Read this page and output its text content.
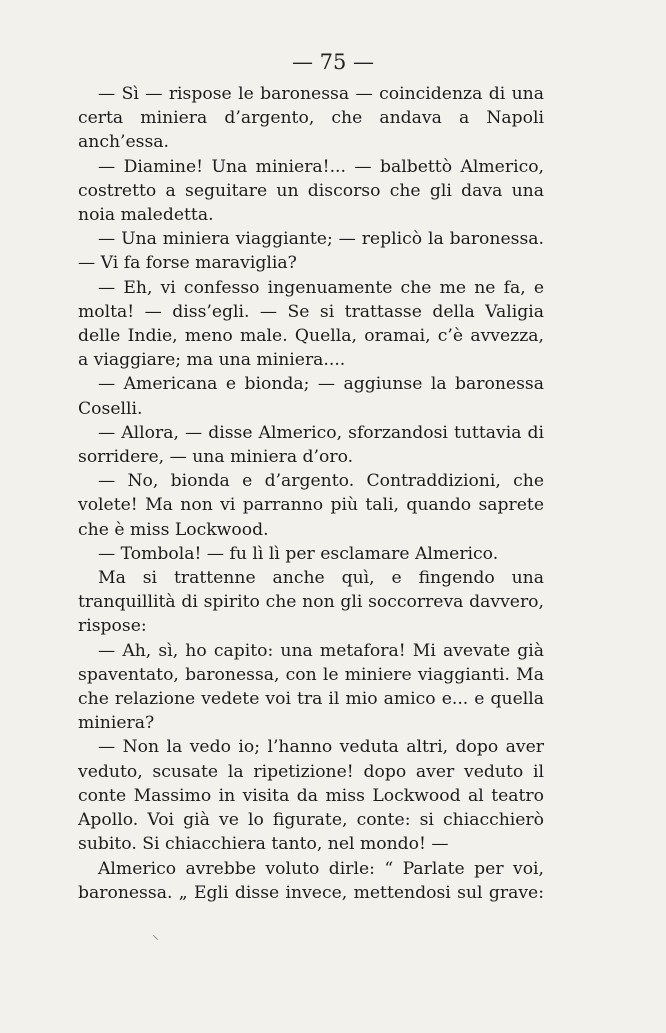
— 75 —

— Sì — rispose le baronessa — coincidenza di una certa miniera d’argento, che andava a Napoli anch’essa.

— Diamine! Una miniera!... — balbettò Almerico, costretto a seguitare un discorso che gli dava una noia maledetta.

— Una miniera viaggiante; — replicò la baronessa. — Vi fa forse maraviglia?

— Eh, vi confesso ingenuamente che me ne fa, e molta! — diss’egli. — Se si trattasse della Valigia delle Indie, meno male. Quella, oramai, c’è avvezza, a viaggiare; ma una miniera....

— Americana e bionda; — aggiunse la baronessa Coselli.

— Allora, — disse Almerico, sforzandosi tuttavia di sorridere, — una miniera d’oro.

— No, bionda e d’argento. Contraddizioni, che volete! Ma non vi parranno più tali, quando saprete che è miss Lockwood.

— Tombola! — fu lì lì per esclamare Almerico.

Ma si trattenne anche quì, e fingendo una tranquillità di spirito che non gli soccorreva davvero, rispose:

— Ah, sì, ho capito: una metafora! Mi avevate già spaventato, baronessa, con le miniere viaggianti. Ma che relazione vedete voi tra il mio amico e... e quella miniera?

— Non la vedo io; l’hanno veduta altri, dopo aver veduto, scusate la ripetizione! dopo aver veduto il conte Massimo in visita da miss Lockwood al teatro Apollo. Voi già ve lo figurate, conte: si chiacchierò subito. Si chiacchiera tanto, nel mondo! —

Almerico avrebbe voluto dirle: “ Parlate per voi, baronessa. „ Egli disse invece, mettendosi sul grave:

⸜
